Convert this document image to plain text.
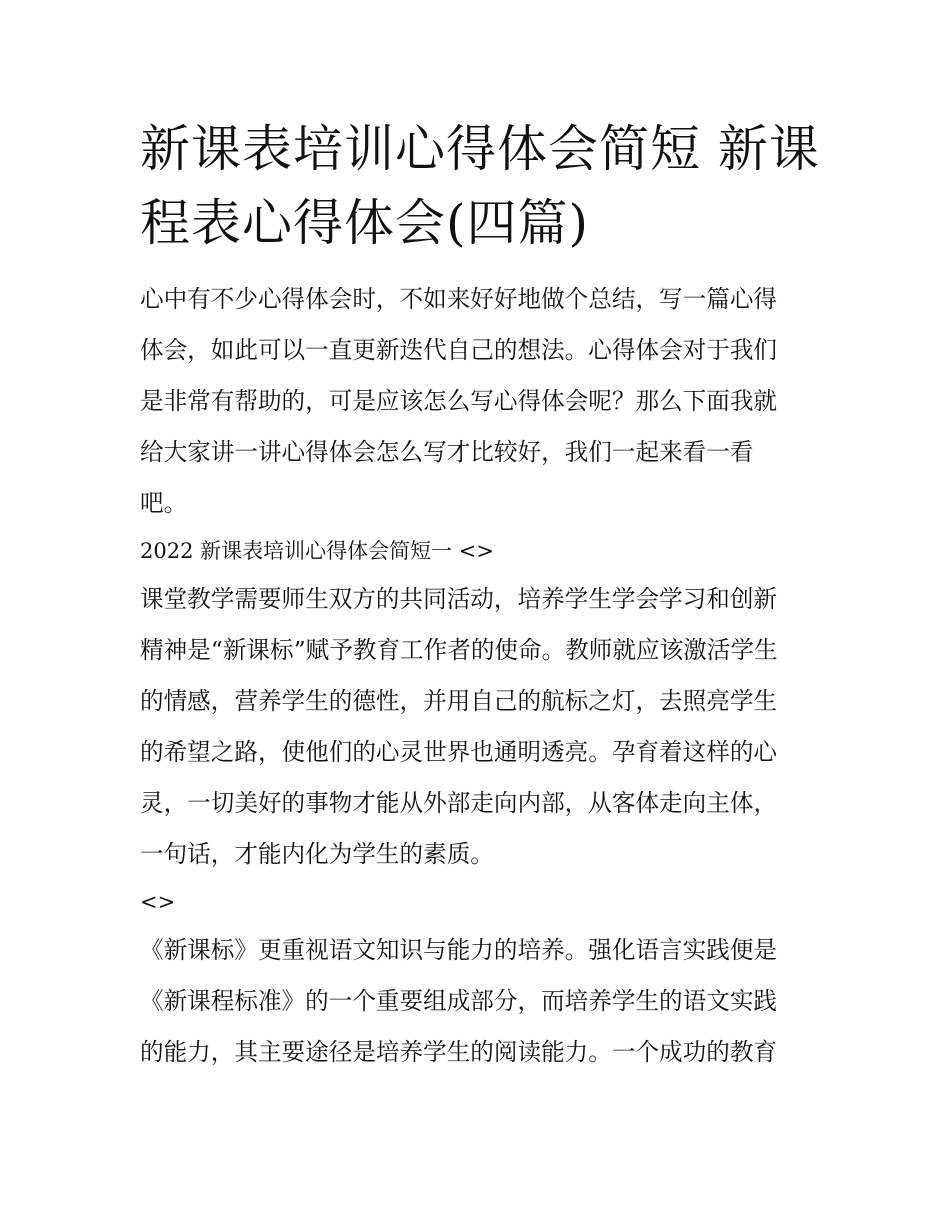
新课表培训心得体会简短 新课
程表心得体会(四篇)

心中有不少心得体会时，不如来好好地做个总结，写一篇心得
体会，如此可以一直更新迭代自己的想法。心得体会对于我们
是非常有帮助的，可是应该怎么写心得体会呢？那么下面我就
给大家讲一讲心得体会怎么写才比较好，我们一起来看一看
吧。

2022 新课表培训心得体会简短一 <>

课堂教学需要师生双方的共同活动，培养学生学会学习和创新
精神是“新课标”赋予教育工作者的使命。教师就应该激活学生
的情感，营养学生的德性，并用自己的航标之灯，去照亮学生
的希望之路，使他们的心灵世界也通明透亮。孕育着这样的心
灵，一切美好的事物才能从外部走向内部，从客体走向主体，
一句话，才能内化为学生的素质。

<>

《新课标》更重视语文知识与能力的培养。强化语言实践便是
《新课程标准》的一个重要组成部分，而培养学生的语文实践
的能力，其主要途径是培养学生的阅读能力。一个成功的教育
